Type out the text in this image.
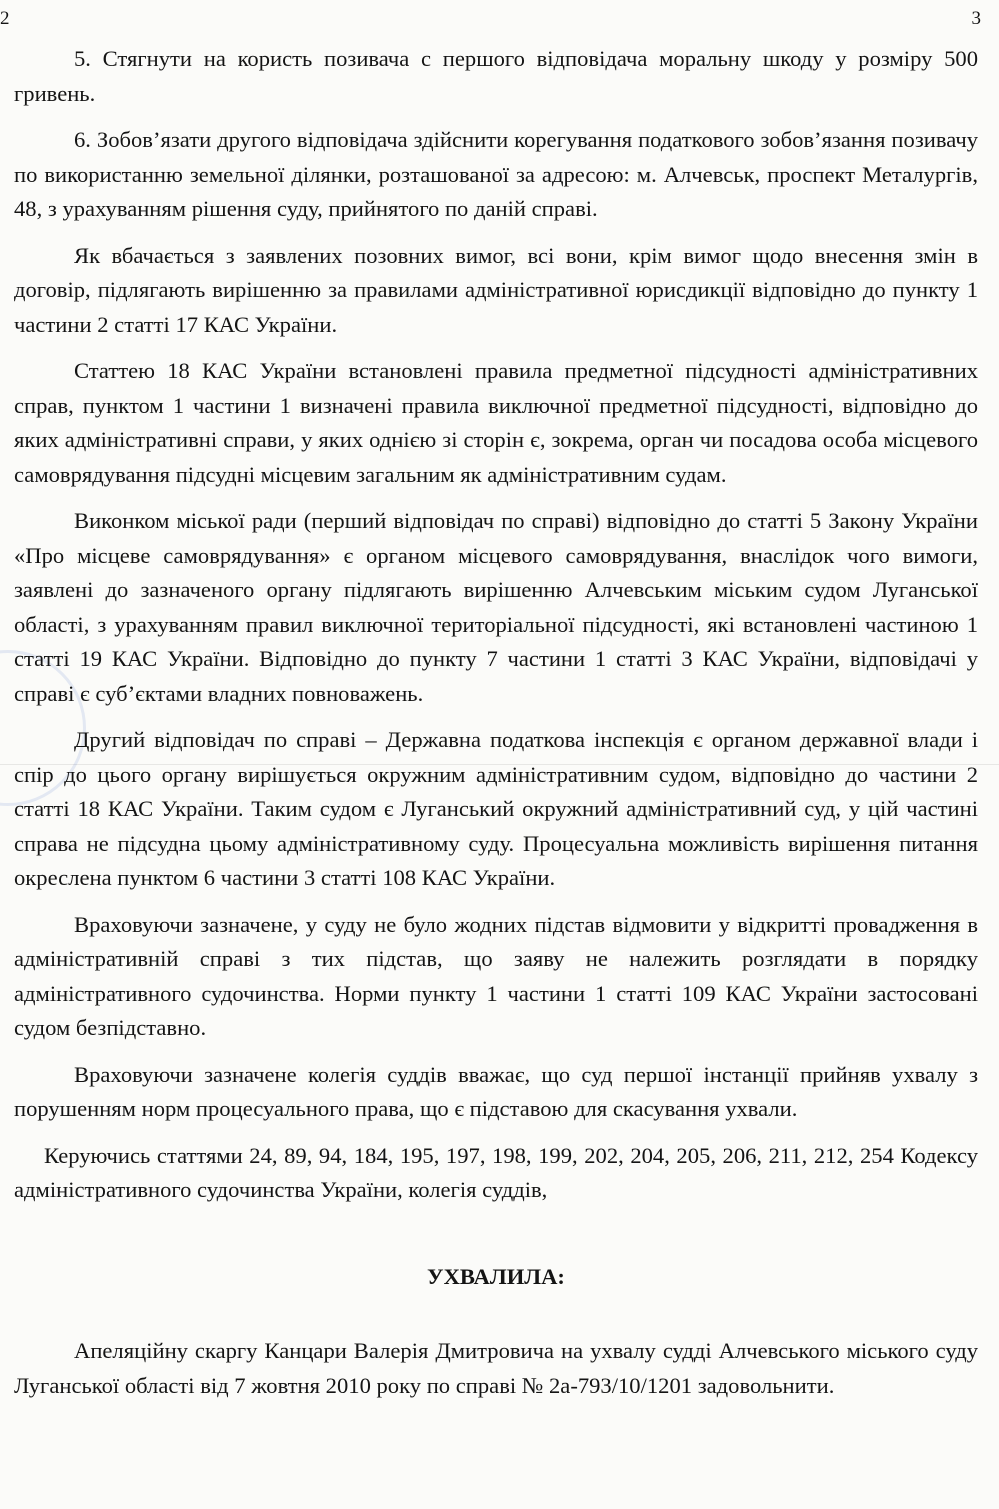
2	3

5. Стягнути на користь позивача с першого відповідача моральну шкоду у розміру 500 гривень.

6. Зобов’язати другого відповідача здійснити корегування податкового зобов’язання позивачу по використанню земельної ділянки, розташованої за адресою: м. Алчевськ, проспект Металургів, 48, з урахуванням рішення суду, прийнятого по даній справі.

Як вбачається з заявлених позовних вимог, всі вони, крім вимог щодо внесення змін в договір, підлягають вирішенню за правилами адміністративної юрисдикції відповідно до пункту 1 частини 2 статті 17 КАС України.

Статтею 18 КАС України встановлені правила предметної підсудності адміністративних справ, пунктом 1 частини 1 визначені правила виключної предметної підсудності, відповідно до яких адміністративні справи, у яких однією зі сторін є, зокрема, орган чи посадова особа місцевого самоврядування підсудні місцевим загальним як адміністративним судам.

Виконком міської ради (перший відповідач по справі) відповідно до статті 5 Закону України «Про місцеве самоврядування» є органом місцевого самоврядування, внаслідок чого вимоги, заявлені до зазначеного органу підлягають вирішенню Алчевським міським судом Луганської області, з урахуванням правил виключної територіальної підсудності, які встановлені частиною 1 статті 19 КАС України. Відповідно до пункту 7 частини 1 статті 3 КАС України, відповідачі у справі є суб’єктами владних повноважень.

Другий відповідач по справі – Державна податкова інспекція є органом державної влади і спір до цього органу вирішується окружним адміністративним судом, відповідно до частини 2 статті 18 КАС України. Таким судом є Луганський окружний адміністративний суд, у цій частині справа не підсудна цьому адміністративному суду. Процесуальна можливість вирішення питання окреслена пунктом 6 частини 3 статті 108 КАС України.

Враховуючи зазначене, у суду не було жодних підстав відмовити у відкритті провадження в адміністративній справі з тих підстав, що заяву не належить розглядати в порядку адміністративного судочинства. Норми пункту 1 частини 1 статті 109 КАС України застосовані судом безпідставно.

Враховуючи зазначене колегія суддів вважає, що суд першої інстанції прийняв ухвалу з порушенням норм процесуального права, що є підставою для скасування ухвали.

Керуючись статтями 24, 89, 94, 184, 195, 197, 198, 199, 202, 204, 205, 206, 211, 212, 254 Кодексу адміністративного судочинства України, колегія суддів,

УХВАЛИЛА:

Апеляційну скаргу Канцари Валерія Дмитровича на ухвалу судді Алчевського міського суду Луганської області від 7 жовтня 2010 року по справі № 2а-793/10/1201 задовольнити.
